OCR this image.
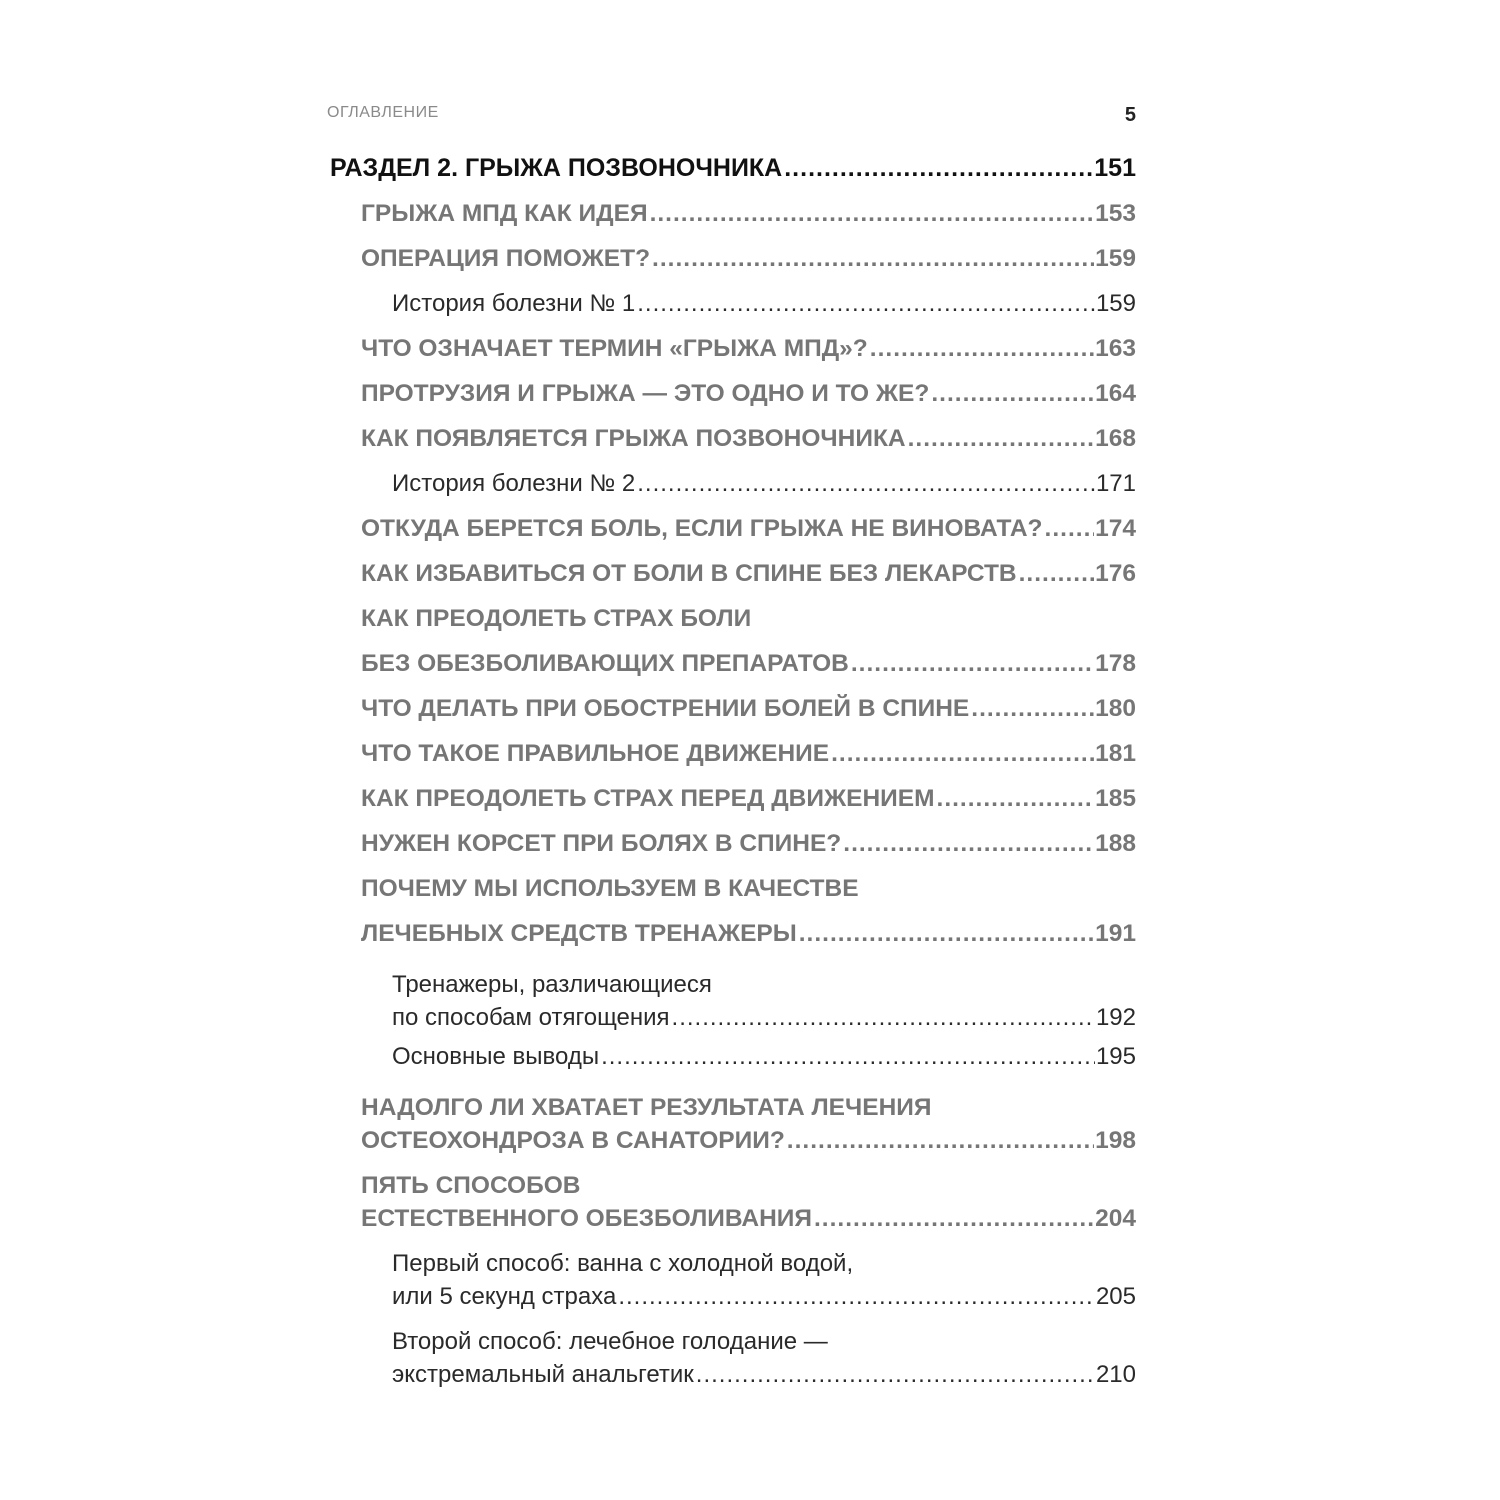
ОГЛАВЛЕНИЕ	5
РАЗДЕЛ 2. ГРЫЖА ПОЗВОНОЧНИКА .....	151
ГРЫЖА МПД КАК ИДЕЯ .....	153
ОПЕРАЦИЯ ПОМОЖЕТ? .....	159
История болезни № 1 .....	159
ЧТО ОЗНАЧАЕТ ТЕРМИН «ГРЫЖА МПД»? .....	163
ПРОТРУЗИЯ И ГРЫЖА — ЭТО ОДНО И ТО ЖЕ? .....	164
КАК ПОЯВЛЯЕТСЯ ГРЫЖА ПОЗВОНОЧНИКА .....	168
История болезни № 2 .....	171
ОТКУДА БЕРЕТСЯ БОЛЬ, ЕСЛИ ГРЫЖА НЕ ВИНОВАТА? ..... 174
КАК ИЗБАВИТЬСЯ ОТ БОЛИ В СПИНЕ БЕЗ ЛЕКАРСТВ .....	176
КАК ПРЕОДОЛЕТЬ СТРАХ БОЛИ
БЕЗ ОБЕЗБОЛИВАЮЩИХ ПРЕПАРАТОВ .....	178
ЧТО ДЕЛАТЬ ПРИ ОБОСТРЕНИИ БОЛЕЙ В СПИНЕ .....	180
ЧТО ТАКОЕ ПРАВИЛЬНОЕ ДВИЖЕНИЕ .....	181
КАК ПРЕОДОЛЕТЬ СТРАХ ПЕРЕД ДВИЖЕНИЕМ .....	185
НУЖЕН КОРСЕТ ПРИ БОЛЯХ В СПИНЕ? .....	188
ПОЧЕМУ МЫ ИСПОЛЬЗУЕМ В КАЧЕСТВЕ
ЛЕЧЕБНЫХ СРЕДСТВ ТРЕНАЖЕРЫ .....	191
Тренажеры, различающиеся
по способам отягощения .....	192
Основные выводы .....	195
НАДОЛГО ЛИ ХВАТАЕТ РЕЗУЛЬТАТА ЛЕЧЕНИЯ
ОСТЕОХОНДРОЗА В САНАТОРИИ? .....	198
ПЯТЬ СПОСОБОВ
ЕСТЕСТВЕННОГО ОБЕЗБОЛИВАНИЯ .....	204
Первый способ: ванна с холодной водой,
или 5 секунд страха .....	205
Второй способ: лечебное голодание —
экстремальный анальгетик .....	210
